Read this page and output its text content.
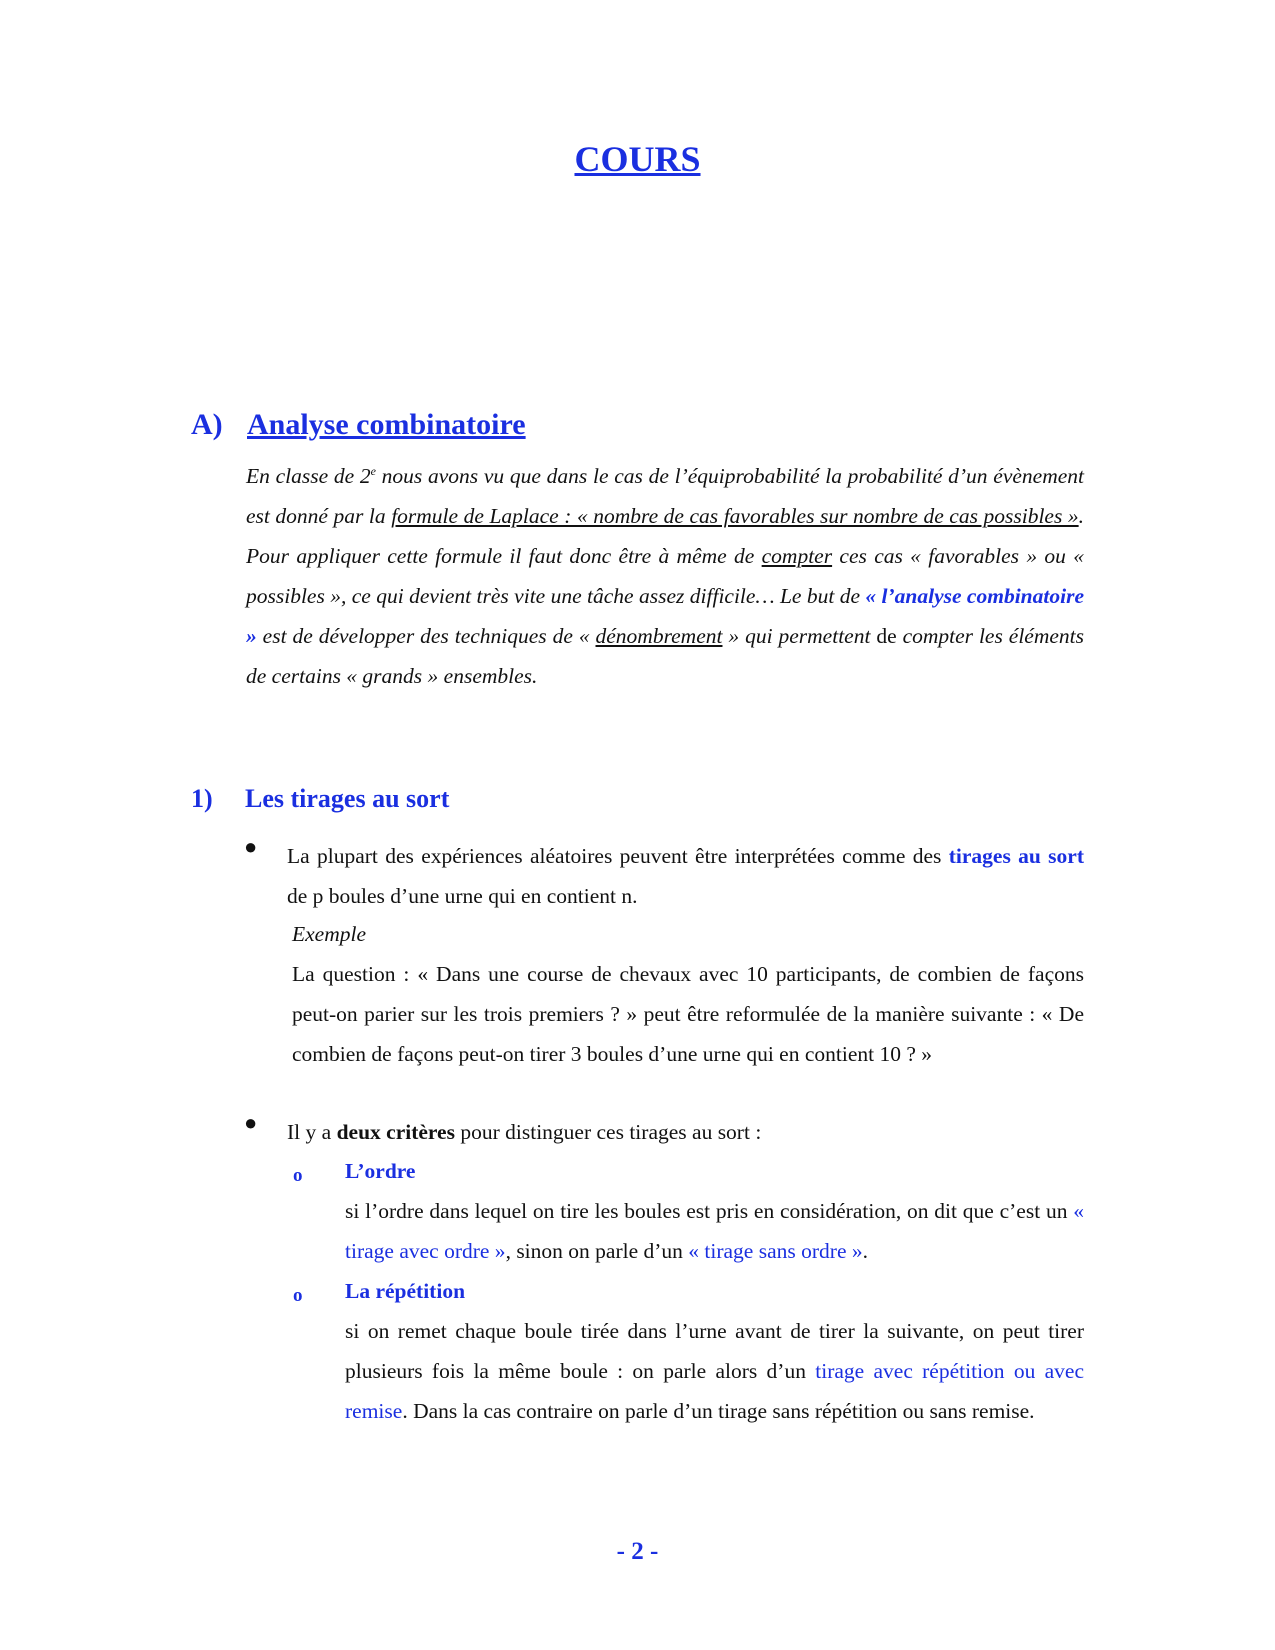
COURS
A) Analyse combinatoire
En classe de 2e nous avons vu que dans le cas de l’équiprobabilité la probabilité d’un évènement est donné par la formule de Laplace : « nombre de cas favorables sur nombre de cas possibles ». Pour appliquer cette formule il faut donc être à même de compter ces cas « favorables » ou « possibles », ce qui devient très vite une tâche assez difficile… Le but de « l’analyse combinatoire » est de développer des techniques de « dénombrement » qui permettent de compter les éléments de certains « grands » ensembles.
1) Les tirages au sort
● La plupart des expériences aléatoires peuvent être interprétées comme des tirages au sort de p boules d’une urne qui en contient n.
Exemple
La question : « Dans une course de chevaux avec 10 participants, de combien de façons peut-on parier sur les trois premiers ? » peut être reformulée de la manière suivante : « De combien de façons peut-on tirer 3 boules d’une urne qui en contient 10 ? »
● Il y a deux critères pour distinguer ces tirages au sort :
o L’ordre
si l’ordre dans lequel on tire les boules est pris en considération, on dit que c’est un « tirage avec ordre », sinon on parle d’un « tirage sans ordre ».
o La répétition
si on remet chaque boule tirée dans l’urne avant de tirer la suivante, on peut tirer plusieurs fois la même boule : on parle alors d’un tirage avec répétition ou avec remise. Dans la cas contraire on parle d’un tirage sans répétition ou sans remise.
- 2 -
